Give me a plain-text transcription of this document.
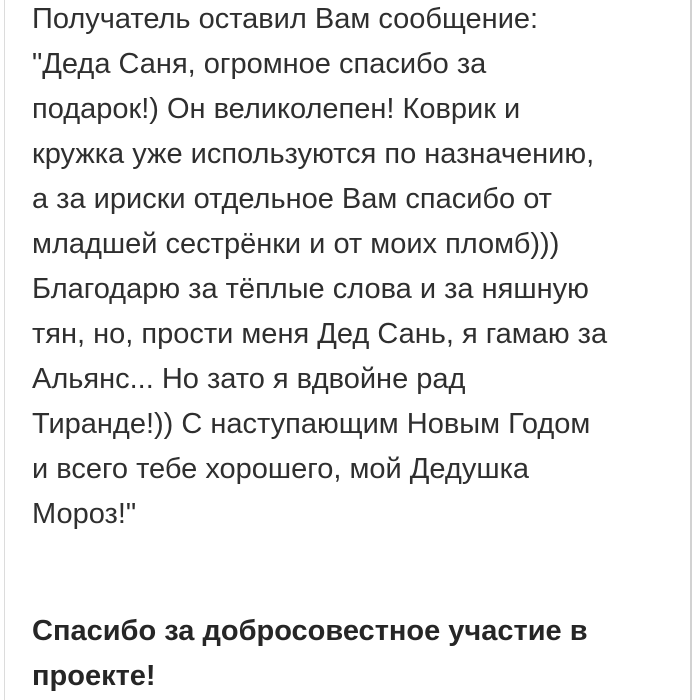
Получатель оставил Вам сообщение:
"Деда Саня, огромное спасибо за
подарок!) Он великолепен! Коврик и
кружка уже используются по назначению,
а за ириски отдельное Вам спасибо от
младшей сестрёнки и от моих пломб)))
Благодарю за тёплые слова и за няшную
тян, но, прости меня Дед Сань, я гамаю за
Альянс... Но зато я вдвойне рад
Тиранде!)) С наступающим Новым Годом
и всего тебе хорошего, мой Дедушка
Мороз!"
Спасибо за добросовестное участие в
проекте!
